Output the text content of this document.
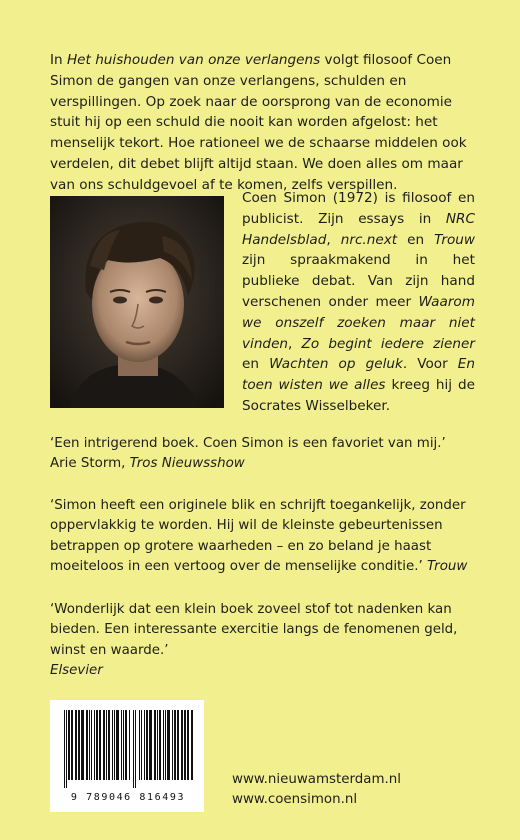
In Het huishouden van onze verlangens volgt filosoof Coen Simon de gangen van onze verlangens, schulden en verspillingen. Op zoek naar de oorsprong van de economie stuit hij op een schuld die nooit kan worden afgelost: het menselijk tekort. Hoe rationeel we de schaarse middelen ook verdelen, dit debet blijft altijd staan. We doen alles om maar van ons schuldgevoel af te komen, zelfs verspillen.

Coen Simon (1972) is filosoof en publicist. Zijn essays in NRC Handelsblad, nrc.next en Trouw zijn spraakmakend in het publieke debat. Van zijn hand verschenen onder meer Waarom we onszelf zoeken maar niet vinden, Zo begint iedere ziener en Wachten op geluk. Voor En toen wisten we alles kreeg hij de Socrates Wisselbeker.

‘Een intrigerend boek. Coen Simon is een favoriet van mij.’
Arie Storm, Tros Nieuwsshow

‘Simon heeft een originele blik en schrijft toegankelijk, zonder oppervlakkig te worden. Hij wil de kleinste gebeurtenissen betrappen op grotere waarheden – en zo beland je haast moeiteloos in een vertoog over de menselijke conditie.’ Trouw

‘Wonderlijk dat een klein boek zoveel stof tot nadenken kan bieden. Een interessante exercitie langs de fenomenen geld, winst en waarde.’
Elsevier

9 789046 816493
www.nieuwamsterdam.nl
www.coensimon.nl
